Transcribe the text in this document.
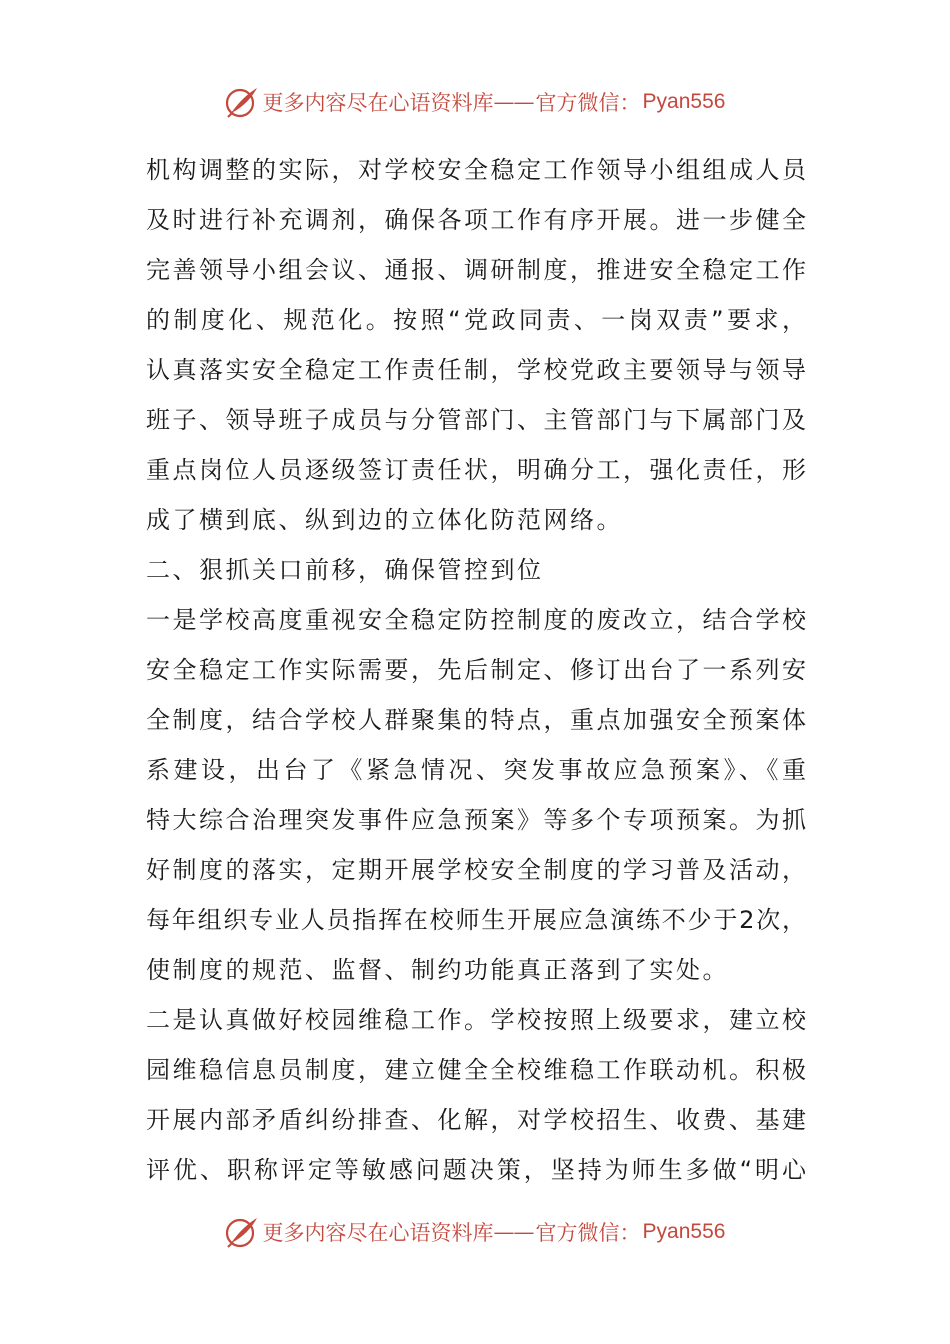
更多内容尽在心语资料库 —— 官方微信： Pyan556
机构调整的实际，对学校安全稳定工作领导小组组成人员
及时进行补充调剂，确保各项工作有序开展。进一步健全
完善领导小组会议、通报、调研制度，推进安全稳定工作
的制度化、规范化。按照“党政同责、一岗双责”要求，
认真落实安全稳定工作责任制，学校党政主要领导与领导
班子、领导班子成员与分管部门、主管部门与下属部门及
重点岗位人员逐级签订责任状，明确分工，强化责任，形
成了横到底、纵到边的立体化防范网络。
二、狠抓关口前移，确保管控到位
一是学校高度重视安全稳定防控制度的废改立，结合学校
安全稳定工作实际需要，先后制定、修订出台了一系列安
全制度，结合学校人群聚集的特点，重点加强安全预案体
系建设，出台了《紧急情况、突发事故应急预案》、《重
特大综合治理突发事件应急预案》等多个专项预案。为抓
好制度的落实，定期开展学校安全制度的学习普及活动，
每年组织专业人员指挥在校师生开展应急演练不少于2次，
使制度的规范、监督、制约功能真正落到了实处。
二是认真做好校园维稳工作。学校按照上级要求，建立校
园维稳信息员制度，建立健全全校维稳工作联动机。积极
开展内部矛盾纠纷排查、化解，对学校招生、收费、基建
评优、职称评定等敏感问题决策，坚持为师生多做“明心
更多内容尽在心语资料库 —— 官方微信： Pyan556
